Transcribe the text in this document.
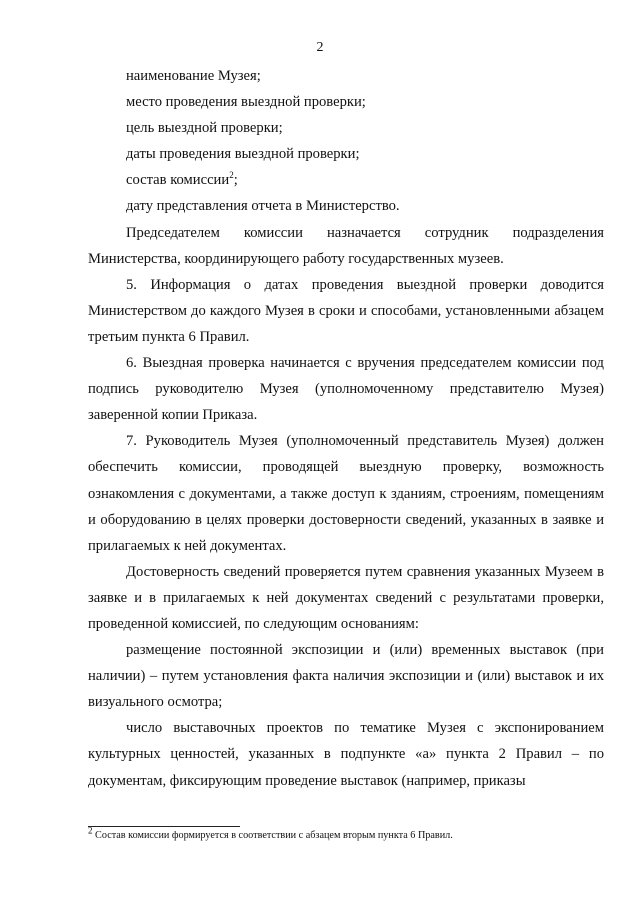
2

наименование Музея;

место проведения выездной проверки;

цель выездной проверки;

даты проведения выездной проверки;

состав комиссии$^2$;

дату представления отчета в Министерство.

Председателем комиссии назначается сотрудник подразделения Министерства, координирующего работу государственных музеев.

5. Информация о датах проведения выездной проверки доводится Министерством до каждого Музея в сроки и способами, установленными абзацем третьим пункта 6 Правил.

6. Выездная проверка начинается с вручения председателем комиссии под подпись руководителю Музея (уполномоченному представителю Музея) заверенной копии Приказа.

7. Руководитель Музея (уполномоченный представитель Музея) должен обеспечить комиссии, проводящей выездную проверку, возможность ознакомления с документами, а также доступ к зданиям, строениям, помещениям и оборудованию в целях проверки достоверности сведений, указанных в заявке и прилагаемых к ней документах.

Достоверность сведений проверяется путем сравнения указанных Музеем в заявке и в прилагаемых к ней документах сведений с результатами проверки, проведенной комиссией, по следующим основаниям:

размещение постоянной экспозиции и (или) временных выставок (при наличии) – путем установления факта наличия экспозиции и (или) выставок и их визуального осмотра;

число выставочных проектов по тематике Музея с экспонированием культурных ценностей, указанных в подпункте «а» пункта 2 Правил – по документам, фиксирующим проведение выставок (например, приказы

$^2$ Состав комиссии формируется в соответствии с абзацем вторым пункта 6 Правил.
